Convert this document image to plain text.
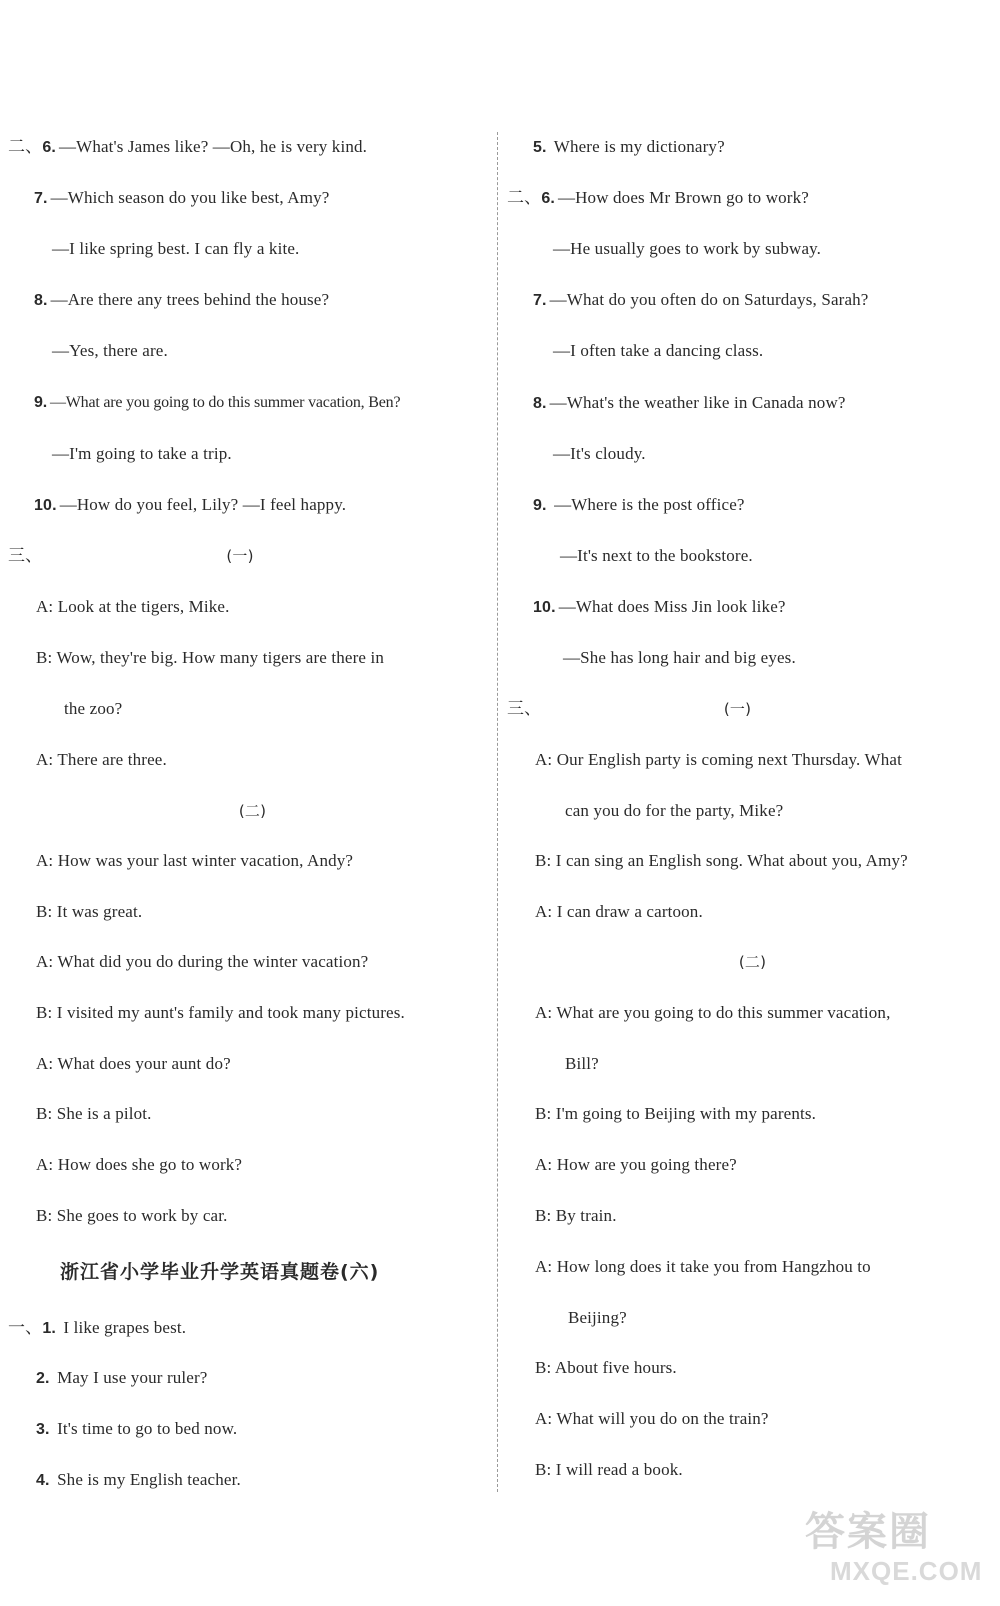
二、6. —What's James like? —Oh, he is very kind.
7. —Which season do you like best, Amy?
—I like spring best. I can fly a kite.
8. —Are there any trees behind the house?
—Yes, there are.
9. —What are you going to do this summer vacation, Ben?
—I'm going to take a trip.
10. —How do you feel, Lily? —I feel happy.
三、	(一)
A: Look at the tigers, Mike.
B: Wow, they're big. How many tigers are there in
the zoo?
A: There are three.
(二)
A: How was your last winter vacation, Andy?
B: It was great.
A: What did you do during the winter vacation?
B: I visited my aunt's family and took many pictures.
A: What does your aunt do?
B: She is a pilot.
A: How does she go to work?
B: She goes to work by car.
浙江省小学毕业升学英语真题卷(六)
一、1. I like grapes best.
2. May I use your ruler?
3. It's time to go to bed now.
4. She is my English teacher.
5. Where is my dictionary?
二、6. —How does Mr Brown go to work?
—He usually goes to work by subway.
7. —What do you often do on Saturdays, Sarah?
—I often take a dancing class.
8. —What's the weather like in Canada now?
—It's cloudy.
9. —Where is the post office?
—It's next to the bookstore.
10. —What does Miss Jin look like?
—She has long hair and big eyes.
三、	(一)
A: Our English party is coming next Thursday. What
can you do for the party, Mike?
B: I can sing an English song. What about you, Amy?
A: I can draw a cartoon.
(二)
A: What are you going to do this summer vacation,
Bill?
B: I'm going to Beijing with my parents.
A: How are you going there?
B: By train.
A: How long does it take you from Hangzhou to
Beijing?
B: About five hours.
A: What will you do on the train?
B: I will read a book.
答案圈
MXQE.COM
